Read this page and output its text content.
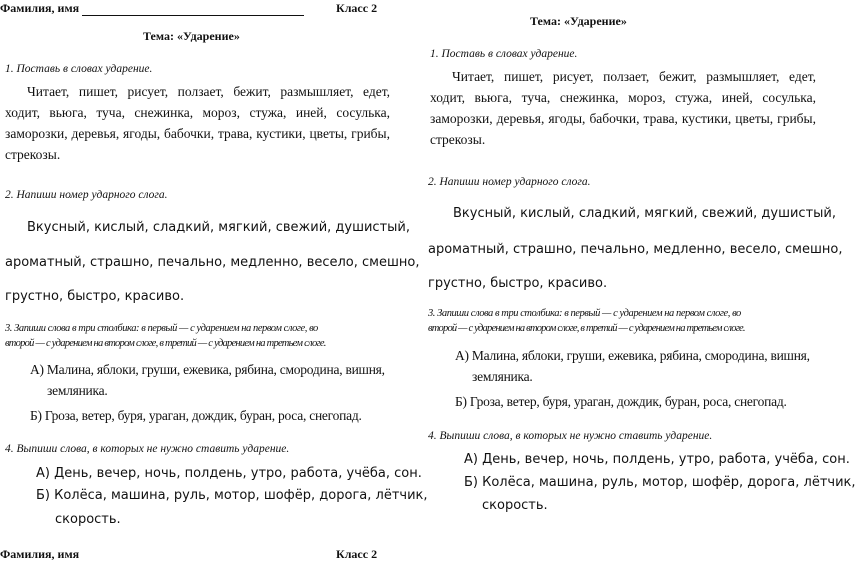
Фамилия, имя	Класс 2
Тема: «Ударение»
1. Поставь в словах ударение.

Читает, пишет, рисует, ползает, бежит, размышляет, едет, ходит, вьюга, туча, снежинка, мороз, стужа, иней, сосулька, заморозки, деревья, ягоды, бабочки, трава, кустики, цветы, грибы, стрекозы.

2. Напиши номер ударного слога.
Вкусный, кислый, сладкий, мягкий, свежий, душистый,
ароматный, страшно, печально, медленно, весело, смешно,
грустно, быстро, красиво.
3. Запиши слова в три столбика: в первый — с ударением на первом слоге, во
второй — с ударением на втором слоге, в третий — с ударением на третьем слоге.
А) Малина, яблоки, груши, ежевика, рябина, смородина, вишня,
земляника.
Б) Гроза, ветер, буря, ураган, дождик, буран, роса, снегопад.
4. Выпиши слова, в которых не нужно ставить ударение.
А) День, вечер, ночь, полдень, утро, работа, учёба, сон.
Б) Колёса, машина, руль, мотор, шофёр, дорога, лётчик,
скорость.
Фамилия, имя	Класс 2
Тема: «Ударение»
1. Поставь в словах ударение.

Читает, пишет, рисует, ползает, бежит, размышляет, едет, ходит, вьюга, туча, снежинка, мороз, стужа, иней, сосулька, заморозки, деревья, ягоды, бабочки, трава, кустики, цветы, грибы, стрекозы.

2. Напиши номер ударного слога.
Вкусный, кислый, сладкий, мягкий, свежий, душистый,
ароматный, страшно, печально, медленно, весело, смешно,
грустно, быстро, красиво.
3. Запиши слова в три столбика: в первый — с ударением на первом слоге, во
второй — с ударением на втором слоге, в третий — с ударением на третьем слоге.
А) Малина, яблоки, груши, ежевика, рябина, смородина, вишня,
земляника.
Б) Гроза, ветер, буря, ураган, дождик, буран, роса, снегопад.
4. Выпиши слова, в которых не нужно ставить ударение.
А) День, вечер, ночь, полдень, утро, работа, учёба, сон.
Б) Колёса, машина, руль, мотор, шофёр, дорога, лётчик,
скорость.
